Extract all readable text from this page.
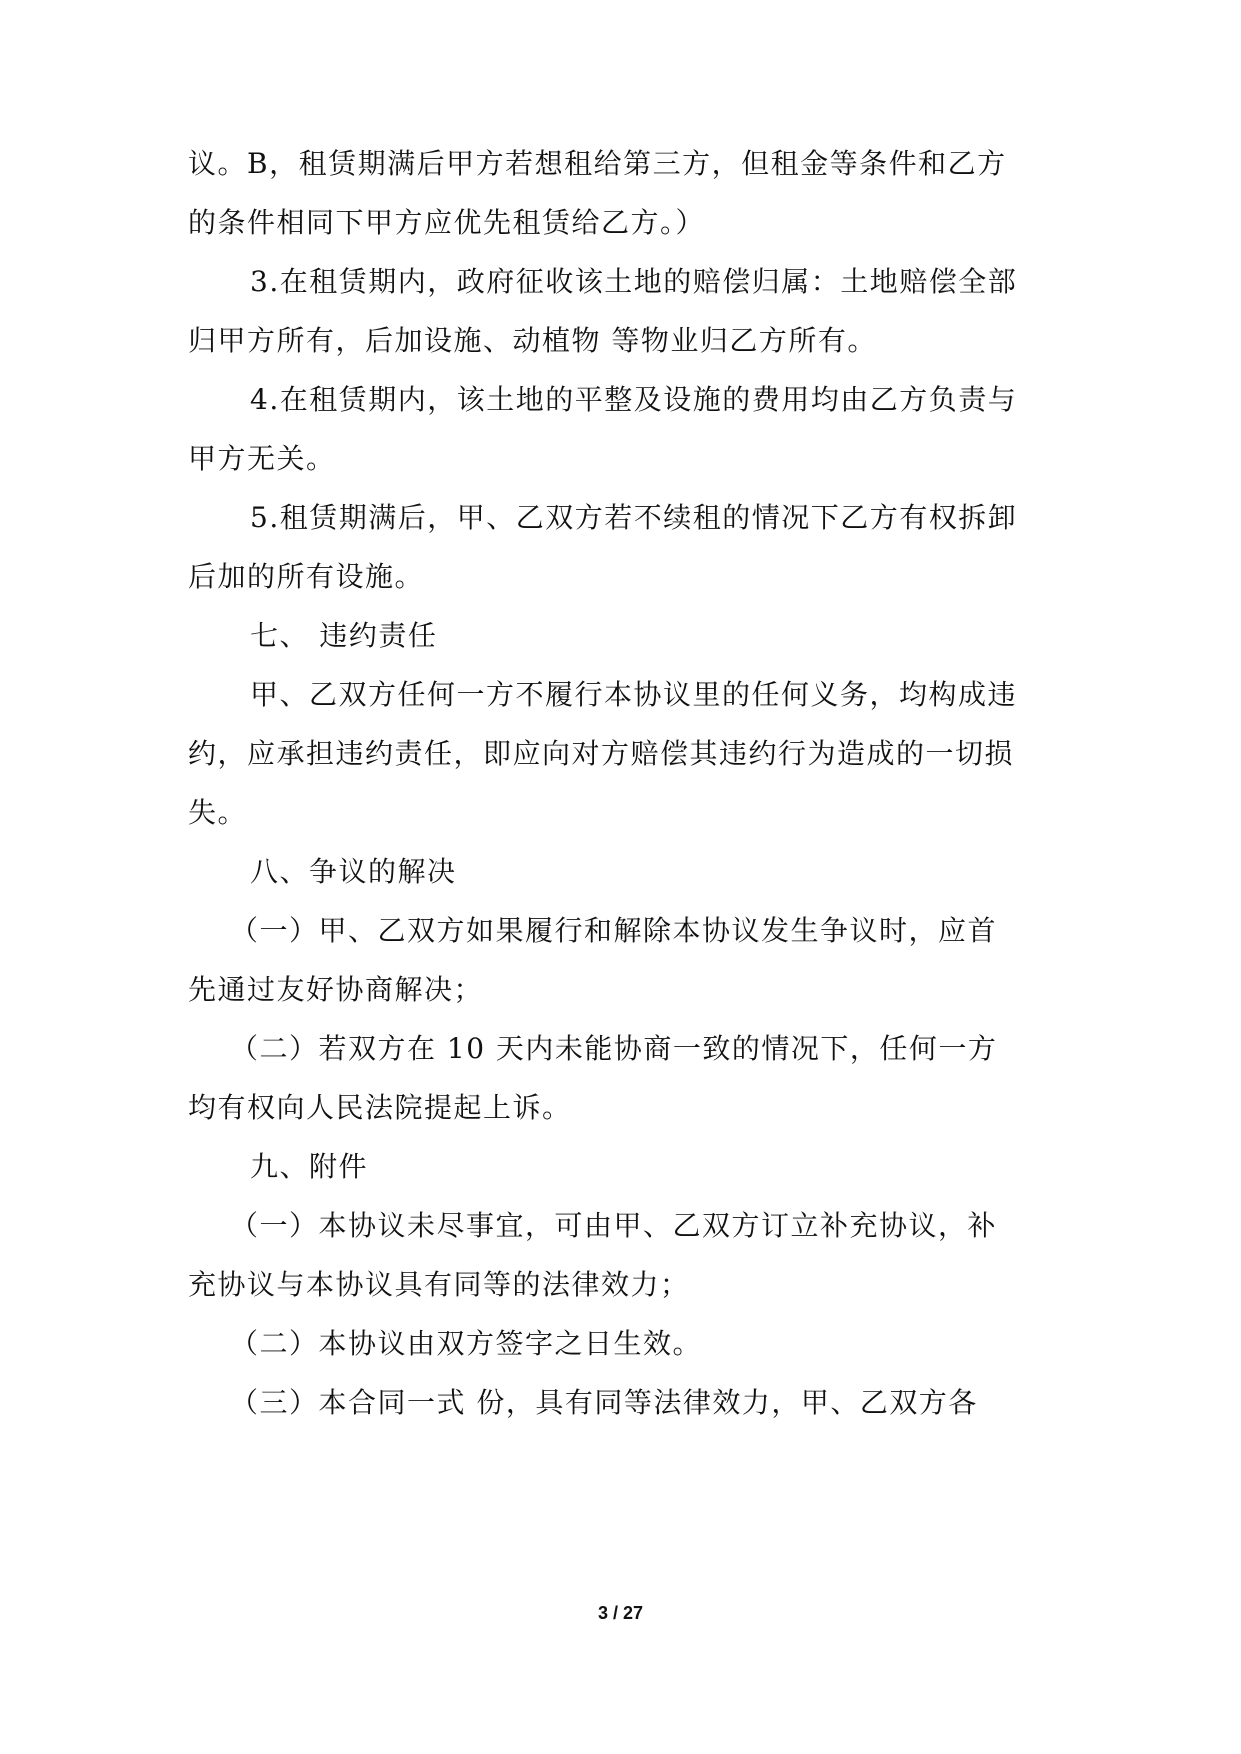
议。B，租赁期满后甲方若想租给第三方，但租金等条件和乙方
的条件相同下甲方应优先租赁给乙方。）
3.在租赁期内，政府征收该土地的赔偿归属：土地赔偿全部
归甲方所有，后加设施、动植物 等物业归乙方所有。
4.在租赁期内，该土地的平整及设施的费用均由乙方负责与
甲方无关。
5.租赁期满后，甲、乙双方若不续租的情况下乙方有权拆卸
后加的所有设施。
七、 违约责任
甲、乙双方任何一方不履行本协议里的任何义务，均构成违
约，应承担违约责任，即应向对方赔偿其违约行为造成的一切损
失。
八、争议的解决
（一）甲、乙双方如果履行和解除本协议发生争议时，应首
先通过友好协商解决；
（二）若双方在 10 天内未能协商一致的情况下，任何一方
均有权向人民法院提起上诉。
九、附件
（一）本协议未尽事宜，可由甲、乙双方订立补充协议，补
充协议与本协议具有同等的法律效力；
（二）本协议由双方签字之日生效。
（三）本合同一式 份，具有同等法律效力，甲、乙双方各
3 / 27
